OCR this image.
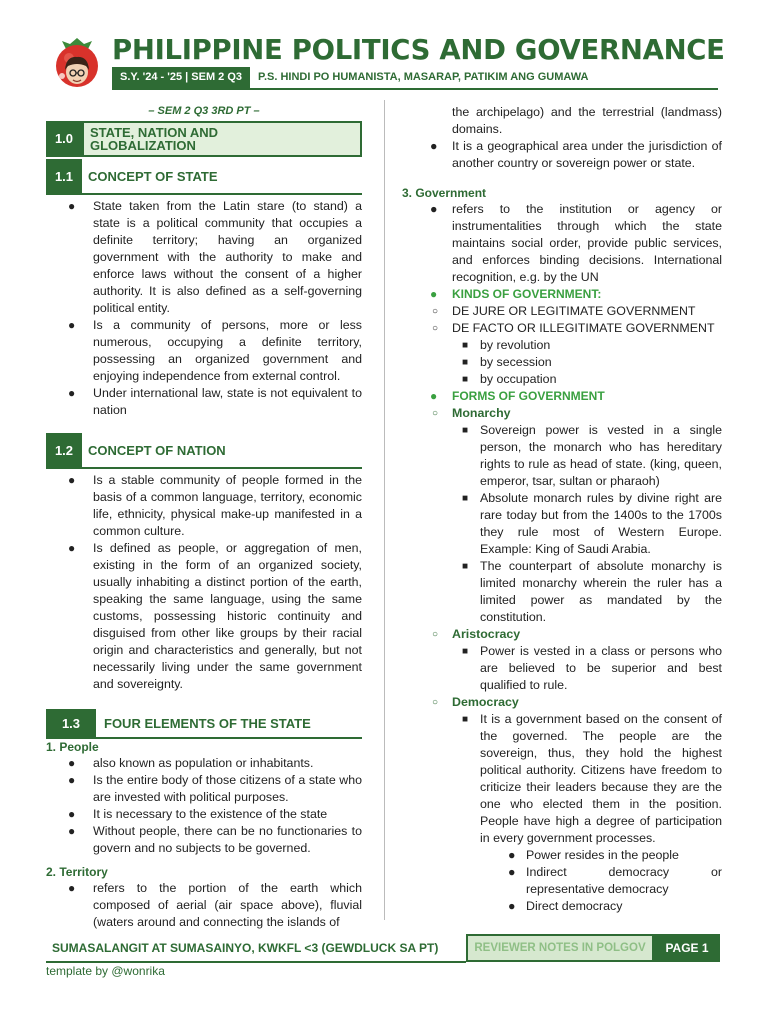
PHILIPPINE POLITICS AND GOVERNANCE
S.Y. '24 - '25 | SEM 2 Q3	P.S. HINDI PO HUMANISTA, MASARAP, PATIKIM ANG GUMAWA
– SEM 2 Q3 3RD PT –
1.0	STATE, NATION AND
GLOBALIZATION
1.1	CONCEPT OF STATE
● State taken from the Latin stare (to stand) a state is a political community that occupies a definite territory; having an organized government with the authority to make and enforce laws without the consent of a higher authority. It is also defined as a self-governing political entity.
● Is a community of persons, more or less numerous, occupying a definite territory, possessing an organized government and enjoying independence from external control.
● Under international law, state is not equivalent to nation
1.2	CONCEPT OF NATION
● Is a stable community of people formed in the basis of a common language, territory, economic life, ethnicity, physical make-up manifested in a common culture.
● Is defined as people, or aggregation of men, existing in the form of an organized society, usually inhabiting a distinct portion of the earth, speaking the same language, using the same customs, possessing historic continuity and disguised from other like groups by their racial origin and characteristics and generally, but not necessarily living under the same government and sovereignty.
1.3	FOUR ELEMENTS OF THE STATE
1. People
● also known as population or inhabitants.
● Is the entire body of those citizens of a state who are invested with political purposes.
● It is necessary to the existence of the state
● Without people, there can be no functionaries to govern and no subjects to be governed.
2. Territory
● refers to the portion of the earth which composed of aerial (air space above), fluvial (waters around and connecting the islands of
the archipelago) and the terrestrial (landmass) domains.
● It is a geographical area under the jurisdiction of another country or sovereign power or state.
3. Government
● refers to the institution or agency or instrumentalities through which the state maintains social order, provide public services, and enforces binding decisions. International recognition, e.g. by the UN
● KINDS OF GOVERNMENT:
○ DE JURE OR LEGITIMATE GOVERNMENT
○ DE FACTO OR ILLEGITIMATE GOVERNMENT
■ by revolution
■ by secession
■ by occupation
● FORMS OF GOVERNMENT
○ Monarchy
■ Sovereign power is vested in a single person, the monarch who has hereditary rights to rule as head of state. (king, queen, emperor, tsar, sultan or pharaoh)
■ Absolute monarch rules by divine right are rare today but from the 1400s to the 1700s they rule most of Western Europe. Example: King of Saudi Arabia.
■ The counterpart of absolute monarchy is limited monarchy wherein the ruler has a limited power as mandated by the constitution.
○ Aristocracy
■ Power is vested in a class or persons who are believed to be superior and best qualified to rule.
○ Democracy
■ It is a government based on the consent of the governed. The people are the sovereign, thus, they hold the highest political authority. Citizens have freedom to criticize their leaders because they are the one who elected them in the position. People have high a degree of participation in every government processes.
● Power resides in the people
● Indirect democracy or representative democracy
● Direct democracy
SUMASALANGIT AT SUMASAINYO, KWKFL <3 (GEWDLUCK SA PT)	REVIEWER NOTES IN POLGOV	PAGE 1
template by @wonrika
